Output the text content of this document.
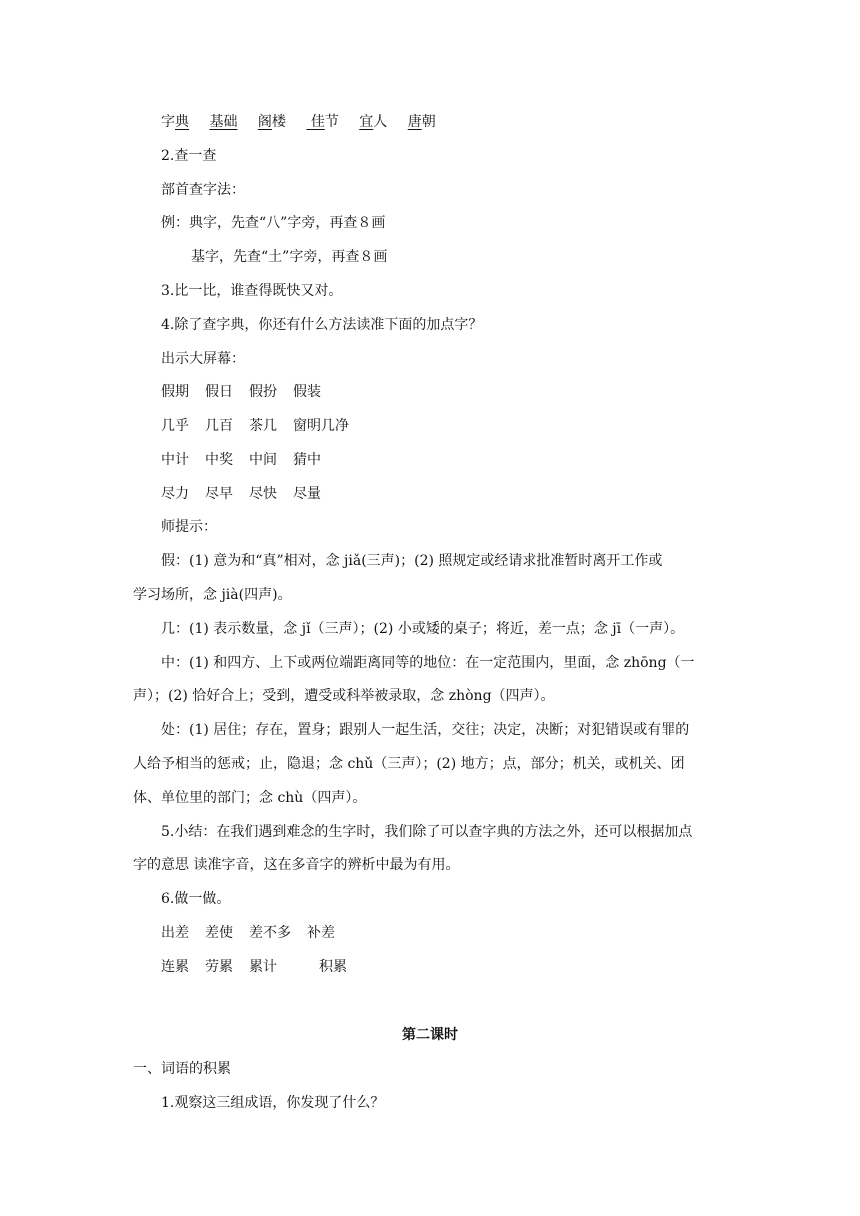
字典 基础 阁楼 佳节 宜人 唐朝
2.查一查
部首查字法：
例：典字，先查“八”字旁，再查８画
基字，先查“土”字旁，再查８画
3.比一比，谁查得既快又对。
4.除了查字典，你还有什么方法读准下面的加点字？
出示大屏幕：
假期 假日 假扮 假装
几乎 几百 茶几 窗明几净
中计 中奖 中间 猜中
尽力 尽早 尽快 尽量
师提示：
假：(1) 意为和“真”相对，念 jiǎ(三声)；(2) 照规定或经请求批准暂时离开工作或
学习场所，念 jià(四声)。
几：(1) 表示数量，念 jǐ（三声）；(2) 小或矮的桌子；将近，差一点；念 jī（一声）。
中：(1) 和四方、上下或两位端距离同等的地位：在一定范围内，里面，念 zhōng（一
声）；(2) 恰好合上；受到，遭受或科举被录取，念 zhòng（四声）。
处：(1) 居住；存在，置身；跟别人一起生活，交往；决定，决断；对犯错误或有罪的
人给予相当的惩戒；止，隐退；念 chǔ（三声）；(2) 地方；点，部分；机关，或机关、团
体、单位里的部门；念 chù（四声）。
5.小结：在我们遇到难念的生字时，我们除了可以查字典的方法之外，还可以根据加点
字的意思 读准字音，这在多音字的辨析中最为有用。
6.做一做。
出差 差使 差不多 补差
连累 劳累 累计	积累
第二课时
一、词语的积累
1.观察这三组成语，你发现了什么？
